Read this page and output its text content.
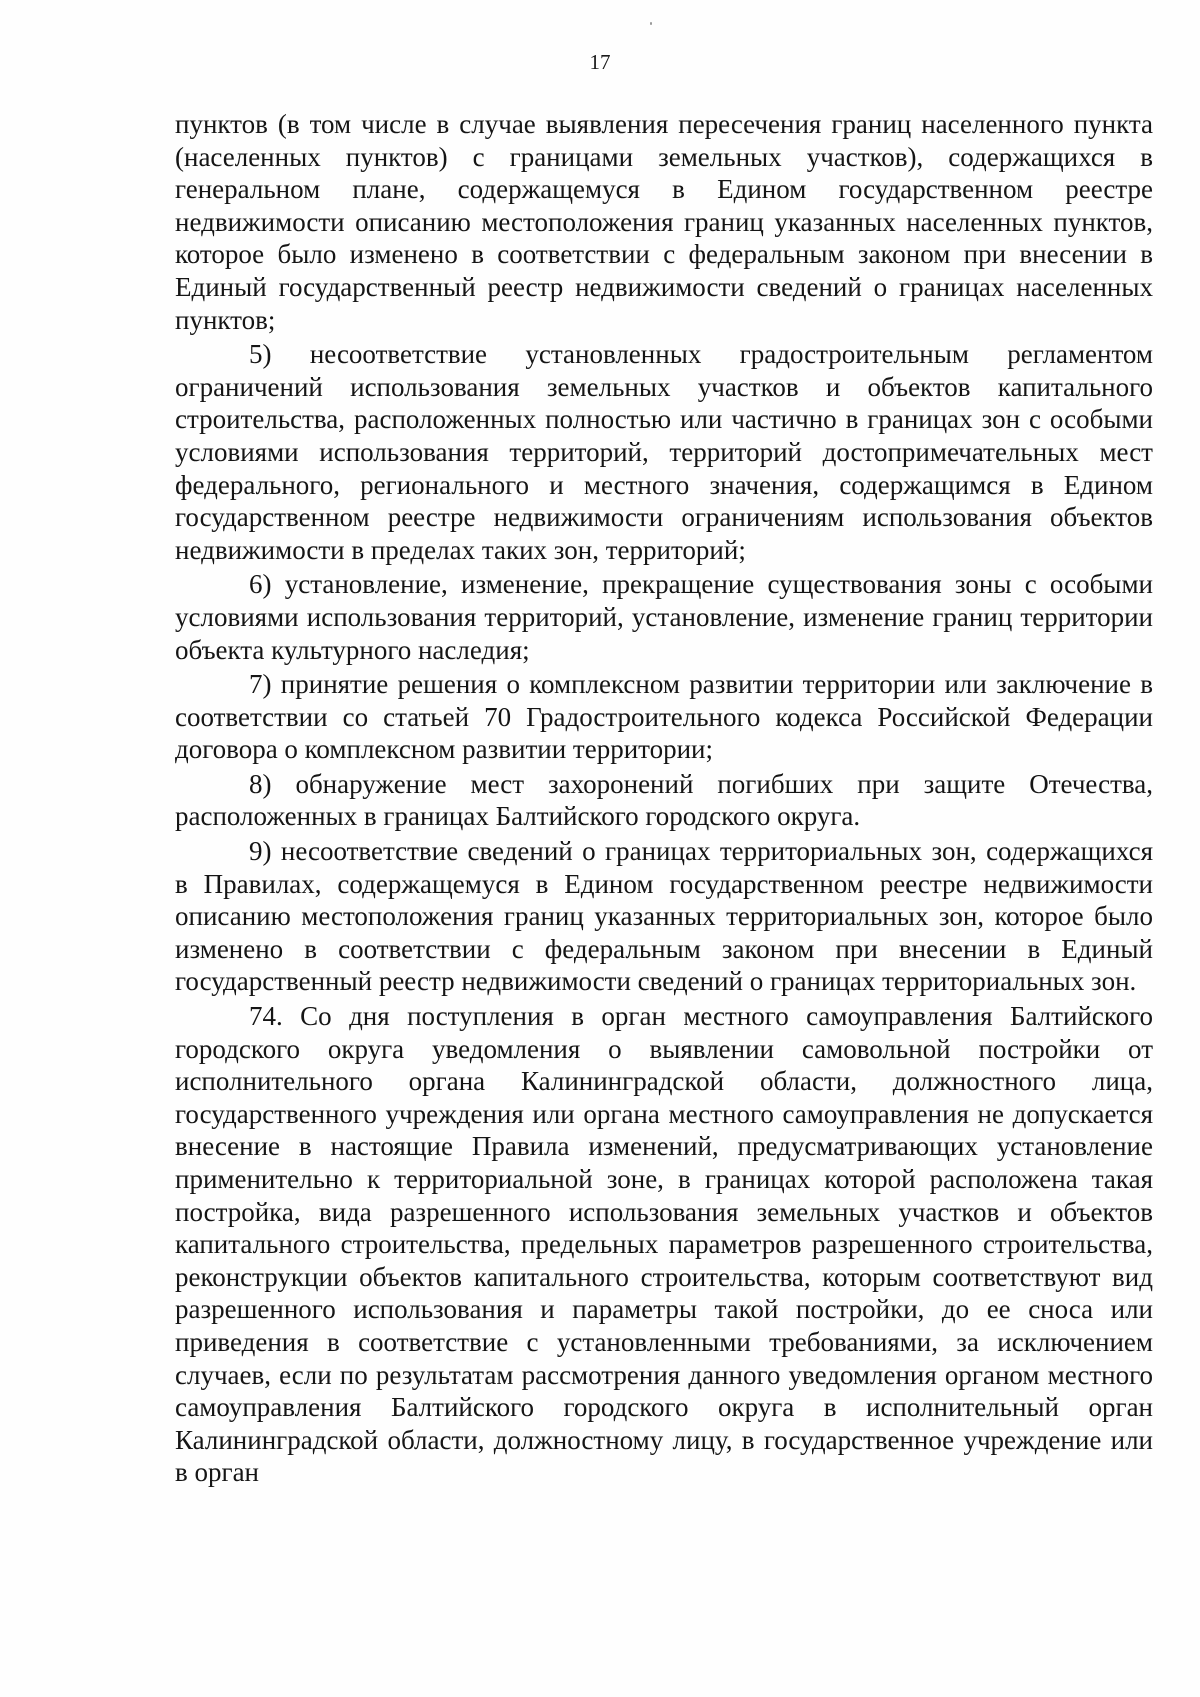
17

пунктов (в том числе в случае выявления пересечения границ населенного пункта (населенных пунктов) с границами земельных участков), содержащихся в генеральном плане, содержащемуся в Едином государственном реестре недвижимости описанию местоположения границ указанных населенных пунктов, которое было изменено в соответствии с федеральным законом при внесении в Единый государственный реестр недвижимости сведений о границах населенных пунктов;

5) несоответствие установленных градостроительным регламентом ограничений использования земельных участков и объектов капитального строительства, расположенных полностью или частично в границах зон с особыми условиями использования территорий, территорий достопримечательных мест федерального, регионального и местного значения, содержащимся в Едином государственном реестре недвижимости ограничениям использования объектов недвижимости в пределах таких зон, территорий;

6) установление, изменение, прекращение существования зоны с особыми условиями использования территорий, установление, изменение границ территории объекта культурного наследия;

7) принятие решения о комплексном развитии территории или заключение в соответствии со статьей 70 Градостроительного кодекса Российской Федерации договора о комплексном развитии территории;

8) обнаружение мест захоронений погибших при защите Отечества, расположенных в границах Балтийского городского округа.

9) несоответствие сведений о границах территориальных зон, содержащихся в Правилах, содержащемуся в Едином государственном реестре недвижимости описанию местоположения границ указанных территориальных зон, которое было изменено в соответствии с федеральным законом при внесении в Единый государственный реестр недвижимости сведений о границах территориальных зон.

74. Со дня поступления в орган местного самоуправления Балтийского городского округа уведомления о выявлении самовольной постройки от исполнительного органа Калининградской области, должностного лица, государственного учреждения или органа местного самоуправления не допускается внесение в настоящие Правила изменений, предусматривающих установление применительно к территориальной зоне, в границах которой расположена такая постройка, вида разрешенного использования земельных участков и объектов капитального строительства, предельных параметров разрешенного строительства, реконструкции объектов капитального строительства, которым соответствуют вид разрешенного использования и параметры такой постройки, до ее сноса или приведения в соответствие с установленными требованиями, за исключением случаев, если по результатам рассмотрения данного уведомления органом местного самоуправления Балтийского городского округа в исполнительный орган Калининградской области, должностному лицу, в государственное учреждение или в орган
